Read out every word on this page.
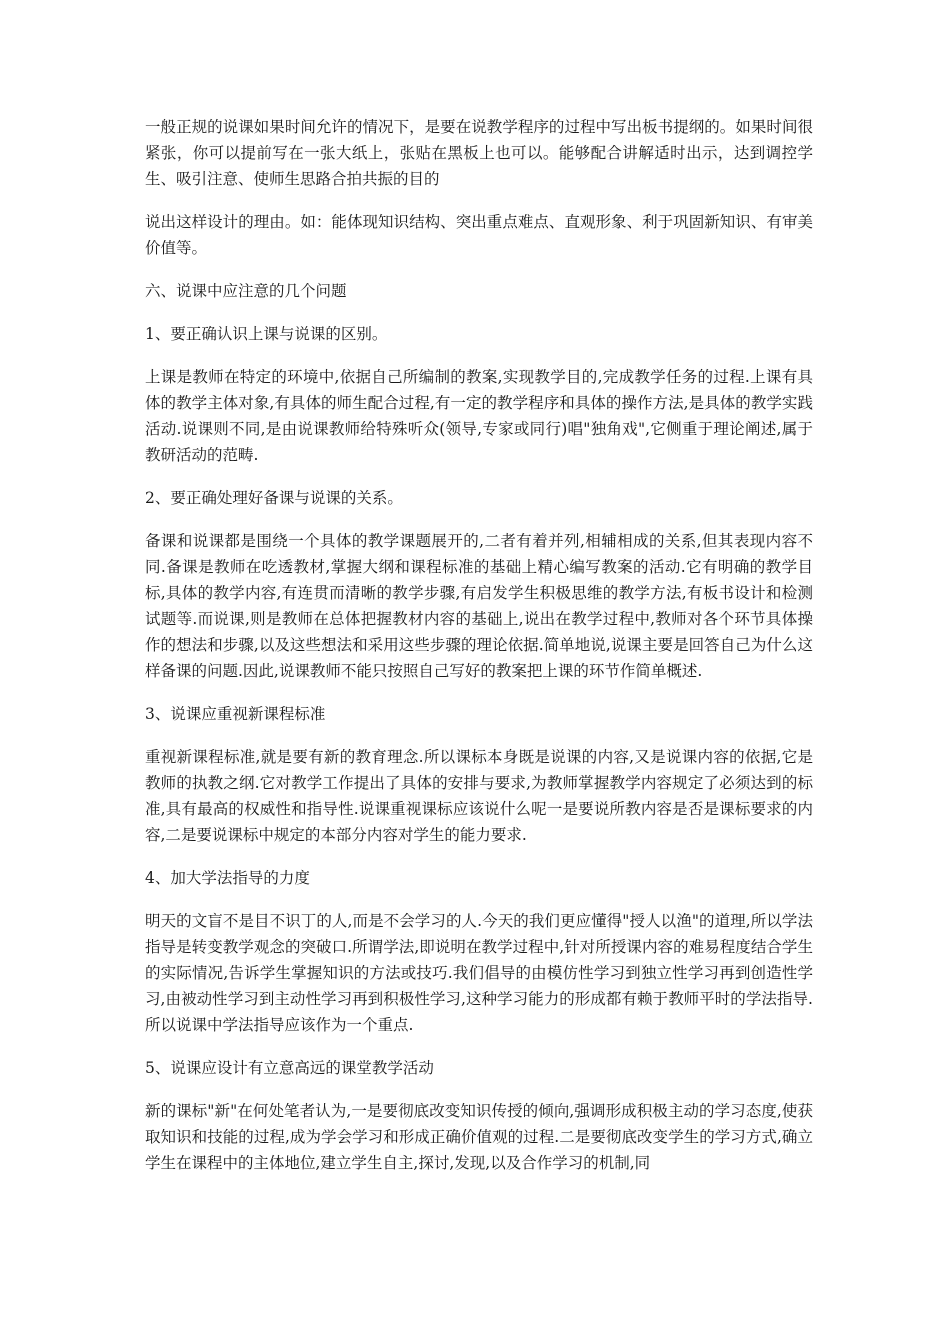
一般正规的说课如果时间允许的情况下，是要在说教学程序的过程中写出板书提纲的。如果时间很紧张，你可以提前写在一张大纸上，张贴在黑板上也可以。能够配合讲解适时出示，达到调控学生、吸引注意、使师生思路合拍共振的目的

说出这样设计的理由。如：能体现知识结构、突出重点难点、直观形象、利于巩固新知识、有审美价值等。

六、说课中应注意的几个问题

1、要正确认识上课与说课的区别。

上课是教师在特定的环境中,依据自己所编制的教案,实现教学目的,完成教学任务的过程.上课有具体的教学主体对象,有具体的师生配合过程,有一定的教学程序和具体的操作方法,是具体的教学实践活动.说课则不同,是由说课教师给特殊听众(领导,专家或同行)唱"独角戏",它侧重于理论阐述,属于教研活动的范畴.

2、要正确处理好备课与说课的关系。

备课和说课都是围绕一个具体的教学课题展开的,二者有着并列,相辅相成的关系,但其表现内容不同.备课是教师在吃透教材,掌握大纲和课程标准的基础上精心编写教案的活动.它有明确的教学目标,具体的教学内容,有连贯而清晰的教学步骤,有启发学生积极思维的教学方法,有板书设计和检测试题等.而说课,则是教师在总体把握教材内容的基础上,说出在教学过程中,教师对各个环节具体操作的想法和步骤,以及这些想法和采用这些步骤的理论依据.简单地说,说课主要是回答自己为什么这样备课的问题.因此,说课教师不能只按照自己写好的教案把上课的环节作简单概述.

3、说课应重视新课程标准

重视新课程标准,就是要有新的教育理念.所以课标本身既是说课的内容,又是说课内容的依据,它是教师的执教之纲.它对教学工作提出了具体的安排与要求,为教师掌握教学内容规定了必须达到的标准,具有最高的权威性和指导性.说课重视课标应该说什么呢一是要说所教内容是否是课标要求的内容,二是要说课标中规定的本部分内容对学生的能力要求.

4、加大学法指导的力度

明天的文盲不是目不识丁的人,而是不会学习的人.今天的我们更应懂得"授人以渔"的道理,所以学法指导是转变教学观念的突破口.所谓学法,即说明在教学过程中,针对所授课内容的难易程度结合学生的实际情况,告诉学生掌握知识的方法或技巧.我们倡导的由模仿性学习到独立性学习再到创造性学习,由被动性学习到主动性学习再到积极性学习,这种学习能力的形成都有赖于教师平时的学法指导.所以说课中学法指导应该作为一个重点.

5、说课应设计有立意高远的课堂教学活动

新的课标"新"在何处笔者认为,一是要彻底改变知识传授的倾向,强调形成积极主动的学习态度,使获取知识和技能的过程,成为学会学习和形成正确价值观的过程.二是要彻底改变学生的学习方式,确立学生在课程中的主体地位,建立学生自主,探讨,发现,以及合作学习的机制,同
